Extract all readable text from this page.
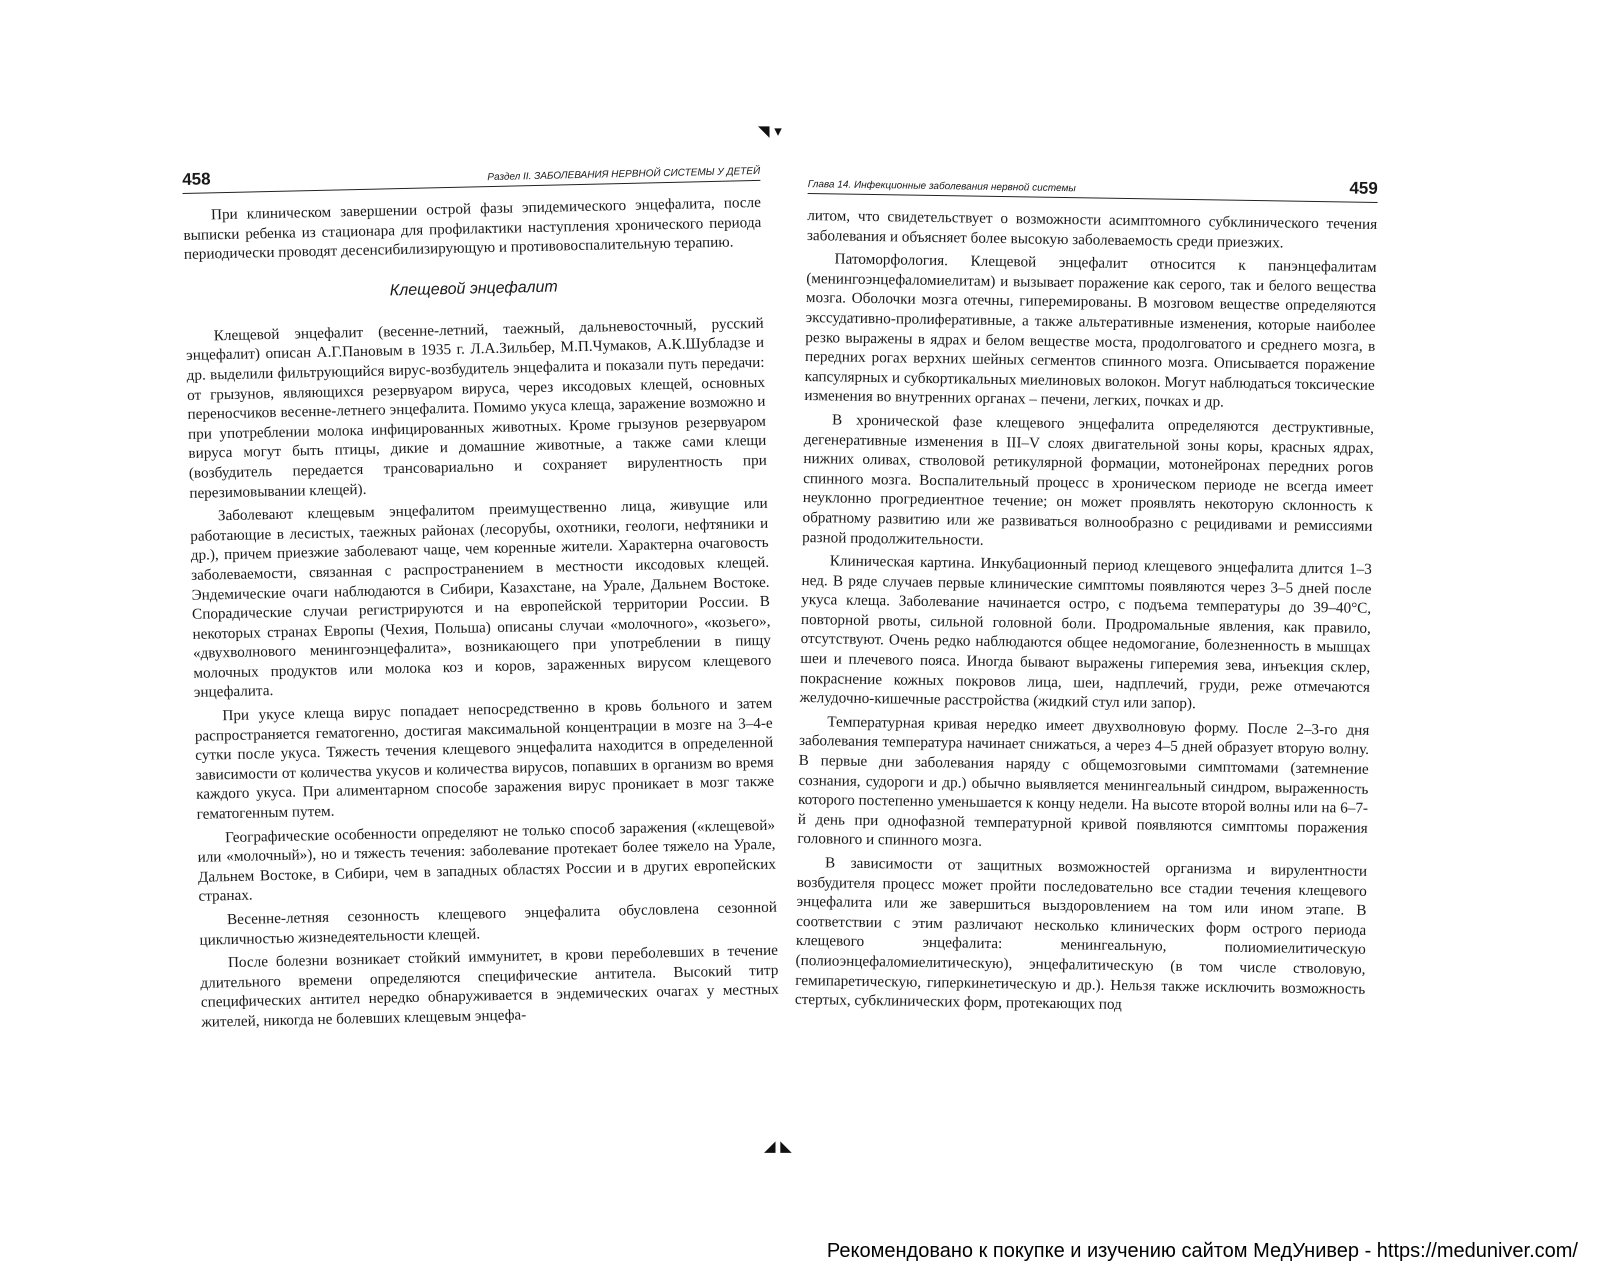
◥ ▾
458	Раздел II. ЗАБОЛЕВАНИЯ НЕРВНОЙ СИСТЕМЫ У ДЕТЕЙ

При клиническом завершении острой фазы эпидемического энцефалита, после выписки ребенка из стационара для профилактики наступления хронического периода периодически проводят десенсибилизирующую и противовоспалительную терапию.

Клещевой энцефалит

Клещевой энцефалит (весенне-летний, таежный, дальневосточный, русский энцефалит) описан А.Г.Пановым в 1935 г. Л.А.Зильбер, М.П.Чумаков, А.К.Шубладзе и др. выделили фильтрующийся вирус-возбудитель энцефалита и показали путь передачи: от грызунов, являющихся резервуаром вируса, через иксодовых клещей, основных переносчиков весенне-летнего энцефалита. Помимо укуса клеща, заражение возможно и при употреблении молока инфицированных животных. Кроме грызунов резервуаром вируса могут быть птицы, дикие и домашние животные, а также сами клещи (возбудитель передается трансовариально и сохраняет вирулентность при перезимовывании клещей).

Заболевают клещевым энцефалитом преимущественно лица, живущие или работающие в лесистых, таежных районах (лесорубы, охотники, геологи, нефтяники и др.), причем приезжие заболевают чаще, чем коренные жители. Характерна очаговость заболеваемости, связанная с распространением в местности иксодовых клещей. Эндемические очаги наблюдаются в Сибири, Казахстане, на Урале, Дальнем Востоке. Спорадические случаи регистрируются и на европейской территории России. В некоторых странах Европы (Чехия, Польша) описаны случаи «молочного», «козьего», «двухволнового менингоэнцефалита», возникающего при употреблении в пищу молочных продуктов или молока коз и коров, зараженных вирусом клещевого энцефалита.

При укусе клеща вирус попадает непосредственно в кровь больного и затем распространяется гематогенно, достигая максимальной концентрации в мозге на 3–4-е сутки после укуса. Тяжесть течения клещевого энцефалита находится в определенной зависимости от количества укусов и количества вирусов, попавших в организм во время каждого укуса. При алиментарном способе заражения вирус проникает в мозг также гематогенным путем.

Географические особенности определяют не только способ заражения («клещевой» или «молочный»), но и тяжесть течения: заболевание протекает более тяжело на Урале, Дальнем Востоке, в Сибири, чем в западных областях России и в других европейских странах.

Весенне-летняя сезонность клещевого энцефалита обусловлена сезонной цикличностью жизнедеятельности клещей.

После болезни возникает стойкий иммунитет, в крови переболевших в течение длительного времени определяются специфические антитела. Высокий титр специфических антител нередко обнаруживается в эндемических очагах у местных жителей, никогда не болевших клещевым энцефа-

Глава 14. Инфекционные заболевания нервной системы	459

литом, что свидетельствует о возможности асимптомного субклинического течения заболевания и объясняет более высокую заболеваемость среди приезжих.

Патоморфология. Клещевой энцефалит относится к панэнцефалитам (менингоэнцефаломиелитам) и вызывает поражение как серого, так и белого вещества мозга. Оболочки мозга отечны, гиперемированы. В мозговом веществе определяются экссудативно-пролиферативные, а также альтеративные изменения, которые наиболее резко выражены в ядрах и белом веществе моста, продолговатого и среднего мозга, в передних рогах верхних шейных сегментов спинного мозга. Описывается поражение капсулярных и субкортикальных миелиновых волокон. Могут наблюдаться токсические изменения во внутренних органах – печени, легких, почках и др.

В хронической фазе клещевого энцефалита определяются деструктивные, дегенеративные изменения в III–V слоях двигательной зоны коры, красных ядрах, нижних оливах, стволовой ретикулярной формации, мотонейронах передних рогов спинного мозга. Воспалительный процесс в хроническом периоде не всегда имеет неуклонно прогредиентное течение; он может проявлять некоторую склонность к обратному развитию или же развиваться волнообразно с рецидивами и ремиссиями разной продолжительности.

Клиническая картина. Инкубационный период клещевого энцефалита длится 1–3 нед. В ряде случаев первые клинические симптомы появляются через 3–5 дней после укуса клеща. Заболевание начинается остро, с подъема температуры до 39–40°С, повторной рвоты, сильной головной боли. Продромальные явления, как правило, отсутствуют. Очень редко наблюдаются общее недомогание, болезненность в мышцах шеи и плечевого пояса. Иногда бывают выражены гиперемия зева, инъекция склер, покраснение кожных покровов лица, шеи, надплечий, груди, реже отмечаются желудочно-кишечные расстройства (жидкий стул или запор).

Температурная кривая нередко имеет двухволновую форму. После 2–3-го дня заболевания температура начинает снижаться, а через 4–5 дней образует вторую волну. В первые дни заболевания наряду с общемозговыми симптомами (затемнение сознания, судороги и др.) обычно выявляется менингеальный синдром, выраженность которого постепенно уменьшается к концу недели. На высоте второй волны или на 6–7-й день при однофазной температурной кривой появляются симптомы поражения головного и спинного мозга.

В зависимости от защитных возможностей организма и вирулентности возбудителя процесс может пройти последовательно все стадии течения клещевого энцефалита или же завершиться выздоровлением на том или ином этапе. В соответствии с этим различают несколько клинических форм острого периода клещевого энцефалита: менингеальную, полиомиелитическую (полиоэнцефаломиелитическую), энцефалитическую (в том числе стволовую, гемипаретическую, гиперкинетическую и др.). Нельзя также исключить возможность стертых, субклинических форм, протекающих под

◢ ◣
Рекомендовано к покупке и изучению сайтом МедУнивер - https://meduniver.com/
